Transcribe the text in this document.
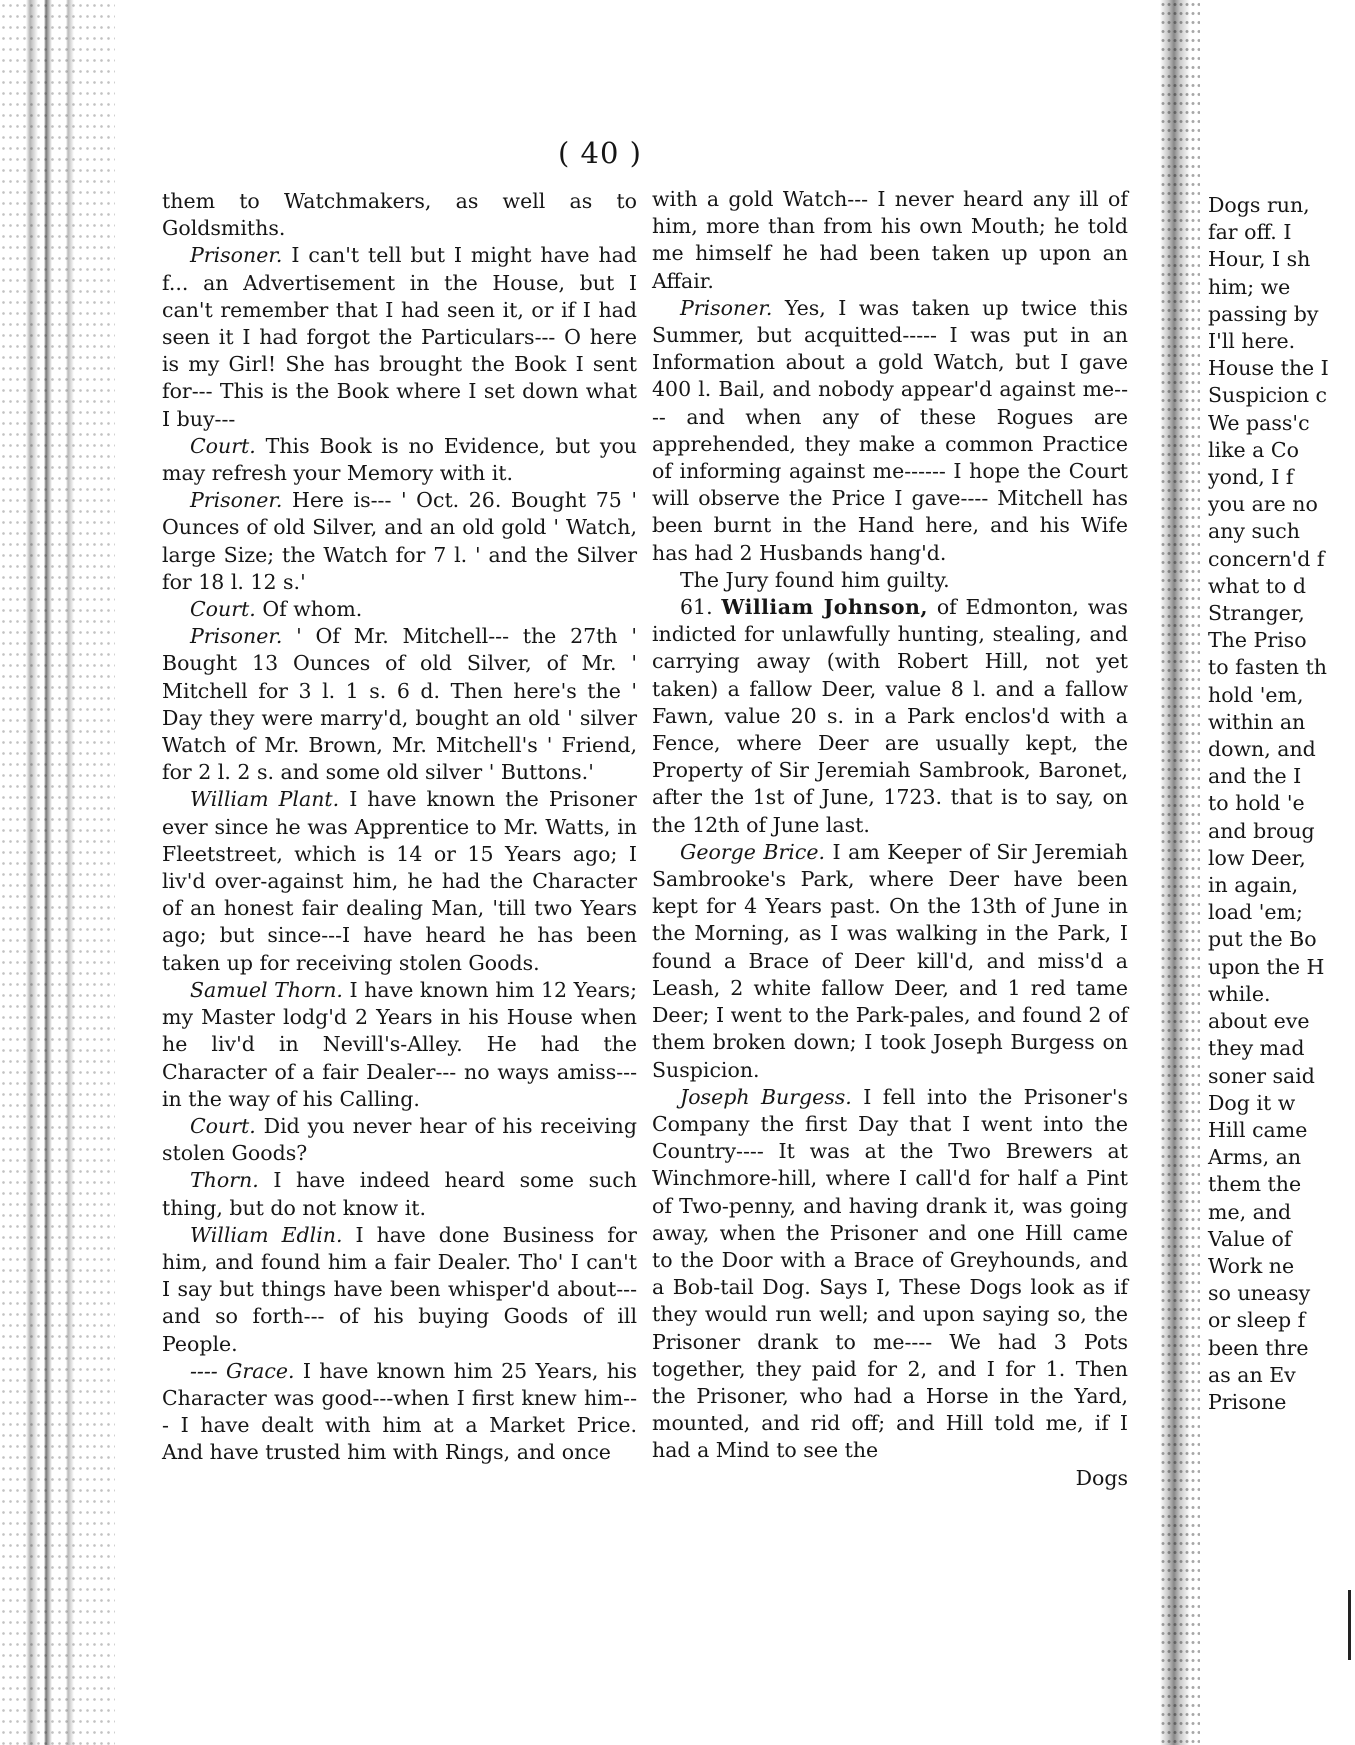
( 40 )

them to Watchmakers, as well as to Goldsmiths.

Prisoner. I can't tell but I might have had f... an Advertisement in the House, but I can't remember that I had seen it, or if I had seen it I had forgot the Particulars--- O here is my Girl! She has brought the Book I sent for--- This is the Book where I set down what I buy---

Court. This Book is no Evidence, but you may refresh your Memory with it.

Prisoner. Here is--- ' Oct. 26. Bought 75 ' Ounces of old Silver, and an old gold ' Watch, large Size; the Watch for 7 l. ' and the Silver for 18 l. 12 s.'

Court. Of whom.

Prisoner. ' Of Mr. Mitchell--- the 27th ' Bought 13 Ounces of old Silver, of Mr. ' Mitchell for 3 l. 1 s. 6 d. Then here's the ' Day they were marry'd, bought an old ' silver Watch of Mr. Brown, Mr. Mitchell's ' Friend, for 2 l. 2 s. and some old silver ' Buttons.'

William Plant. I have known the Prisoner ever since he was Apprentice to Mr. Watts, in Fleetstreet, which is 14 or 15 Years ago; I liv'd over-against him, he had the Character of an honest fair dealing Man, 'till two Years ago; but since---I have heard he has been taken up for receiving stolen Goods.

Samuel Thorn. I have known him 12 Years; my Master lodg'd 2 Years in his House when he liv'd in Nevill's-Alley. He had the Character of a fair Dealer--- no ways amiss--- in the way of his Calling.

Court. Did you never hear of his receiving stolen Goods?

Thorn. I have indeed heard some such thing, but do not know it.

William Edlin. I have done Business for him, and found him a fair Dealer. Tho' I can't I say but things have been whisper'd about--- and so forth--- of his buying Goods of ill People.

---- Grace. I have known him 25 Years, his Character was good---when I first knew him--- I have dealt with him at a Market Price. And have trusted him with Rings, and once

with a gold Watch--- I never heard any ill of him, more than from his own Mouth; he told me himself he had been taken up upon an Affair.

Prisoner. Yes, I was taken up twice this Summer, but acquitted----- I was put in an Information about a gold Watch, but I gave 400 l. Bail, and nobody appear'd against me---- and when any of these Rogues are apprehended, they make a common Practice of informing against me------ I hope the Court will observe the Price I gave---- Mitchell has been burnt in the Hand here, and his Wife has had 2 Husbands hang'd.

The Jury found him guilty.

61. William Johnson, of Edmonton, was indicted for unlawfully hunting, stealing, and carrying away (with Robert Hill, not yet taken) a fallow Deer, value 8 l. and a fallow Fawn, value 20 s. in a Park enclos'd with a Fence, where Deer are usually kept, the Property of Sir Jeremiah Sambrook, Baronet, after the 1st of June, 1723. that is to say, on the 12th of June last.

George Brice. I am Keeper of Sir Jeremiah Sambrooke's Park, where Deer have been kept for 4 Years past. On the 13th of June in the Morning, as I was walking in the Park, I found a Brace of Deer kill'd, and miss'd a Leash, 2 white fallow Deer, and 1 red tame Deer; I went to the Park-pales, and found 2 of them broken down; I took Joseph Burgess on Suspicion.

Joseph Burgess. I fell into the Prisoner's Company the first Day that I went into the Country---- It was at the Two Brewers at Winchmore-hill, where I call'd for half a Pint of Two-penny, and having drank it, was going away, when the Prisoner and one Hill came to the Door with a Brace of Greyhounds, and a Bob-tail Dog. Says I, These Dogs look as if they would run well; and upon saying so, the Prisoner drank to me---- We had 3 Pots together, they paid for 2, and I for 1. Then the Prisoner, who had a Horse in the Yard, mounted, and rid off; and Hill told me, if I had a Mind to see the

Dogs

Dogs run,

far off. I

Hour, I sh

him; we

passing by

I'll here.

House the I

Suspicion c

We pass'c

like a Co

yond, I f

you are no

any such

concern'd f

what to d

Stranger,

The Priso

to fasten th

hold 'em,

within an

down, and

and the I

to hold 'e

and broug

low Deer,

in again,

load 'em;

put the Bo

upon the H

while.

about eve

they mad

soner said

Dog it w

Hill came

Arms, an

them the

me, and

Value of

Work ne

so uneasy

or sleep f

been thre

as an Ev

Prisone
